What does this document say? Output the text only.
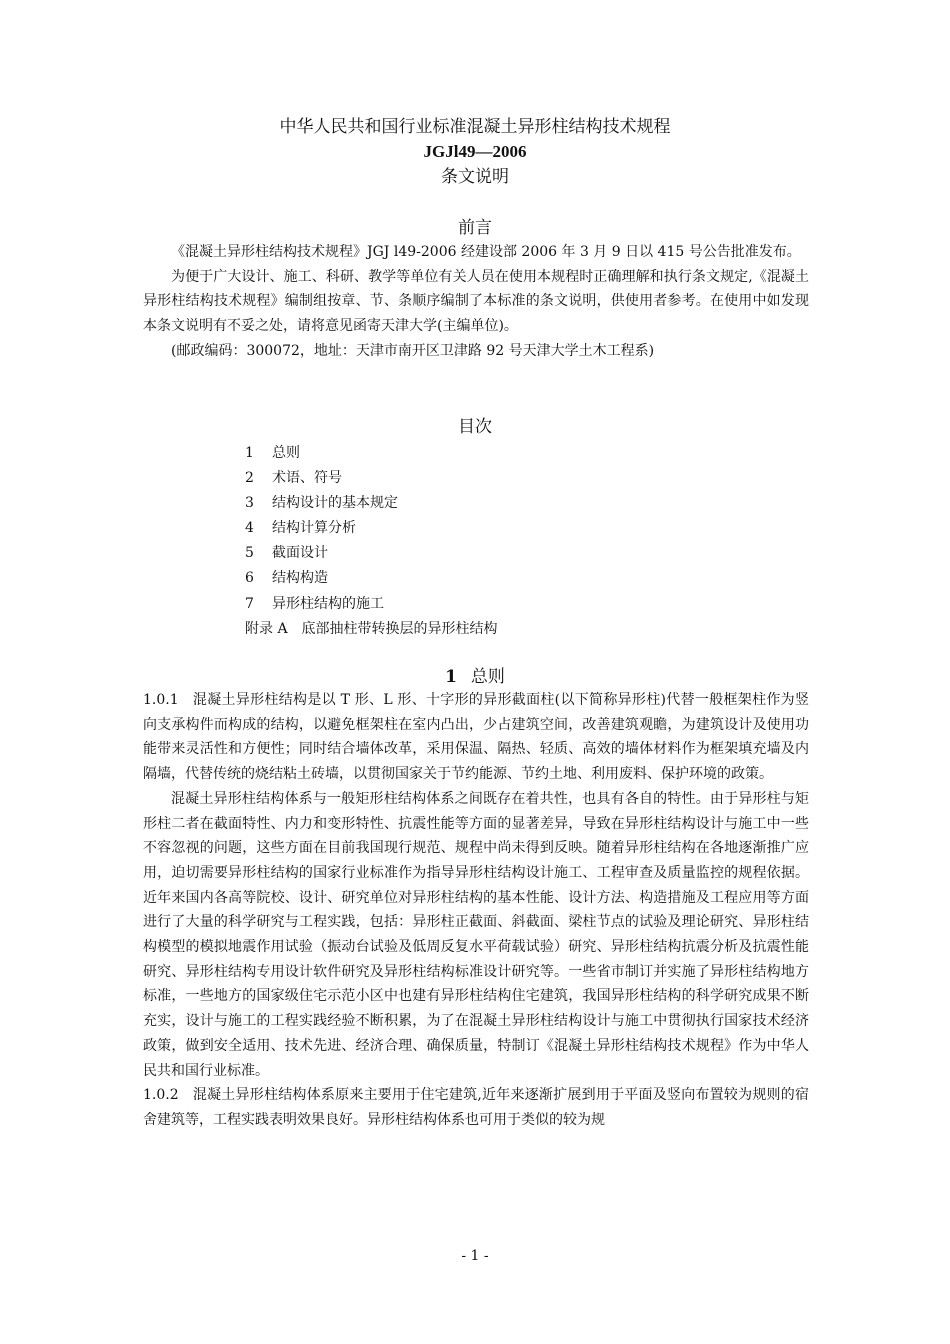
中华人民共和国行业标准混凝土异形柱结构技术规程
JGJl49—2006
条文说明
前言

《混凝土异形柱结构技术规程》JGJ l49-2006 经建设部 2006 年 3 月 9 日以 415 号公告批准发布。

为便于广大设计、施工、科研、教学等单位有关人员在使用本规程时正确理解和执行条文规定,《混凝土异形柱结构技术规程》编制组按章、节、条顺序编制了本标准的条文说明，供使用者参考。在使用中如发现本条文说明有不妥之处，请将意见函寄天津大学(主编单位)。

(邮政编码：300072，地址：天津市南开区卫津路 92 号天津大学土木工程系)

目次
1 总则
2 术语、符号
3 结构设计的基本规定
4 结构计算分析
5 截面设计
6 结构构造
7 异形柱结构的施工
附录 A　底部抽柱带转换层的异形柱结构
1 总则

1.0.1 混凝土异形柱结构是以 T 形、L 形、十字形的异形截面柱(以下简称异形柱)代替一般框架柱作为竖向支承构件而构成的结构，以避免框架柱在室内凸出，少占建筑空间，改善建筑观瞻，为建筑设计及使用功能带来灵活性和方便性；同时结合墙体改革，采用保温、隔热、轻质、高效的墙体材料作为框架填充墙及内隔墙，代替传统的烧结粘土砖墙，以贯彻国家关于节约能源、节约土地、利用废料、保护环境的政策。

混凝土异形柱结构体系与一般矩形柱结构体系之间既存在着共性，也具有各自的特性。由于异形柱与矩形柱二者在截面特性、内力和变形特性、抗震性能等方面的显著差异，导致在异形柱结构设计与施工中一些不容忽视的问题，这些方面在目前我国现行规范、规程中尚未得到反映。随着异形柱结构在各地逐渐推广应用，迫切需要异形柱结构的国家行业标准作为指导异形柱结构设计施工、工程审查及质量监控的规程依据。近年来国内各高等院校、设计、研究单位对异形柱结构的基本性能、设计方法、构造措施及工程应用等方面进行了大量的科学研究与工程实践，包括：异形柱正截面、斜截面、梁柱节点的试验及理论研究、异形柱结构模型的模拟地震作用试验（振动台试验及低周反复水平荷载试验）研究、异形柱结构抗震分析及抗震性能研究、异形柱结构专用设计软件研究及异形柱结构标准设计研究等。一些省市制订并实施了异形柱结构地方标准，一些地方的国家级住宅示范小区中也建有异形柱结构住宅建筑，我国异形柱结构的科学研究成果不断充实，设计与施工的工程实践经验不断积累，为了在混凝土异形柱结构设计与施工中贯彻执行国家技术经济政策，做到安全适用、技术先进、经济合理、确保质量，特制订《混凝土异形柱结构技术规程》作为中华人民共和国行业标准。

1.0.2 混凝土异形柱结构体系原来主要用于住宅建筑,近年来逐渐扩展到用于平面及竖向布置较为规则的宿舍建筑等，工程实践表明效果良好。异形柱结构体系也可用于类似的较为规

- 1 -
